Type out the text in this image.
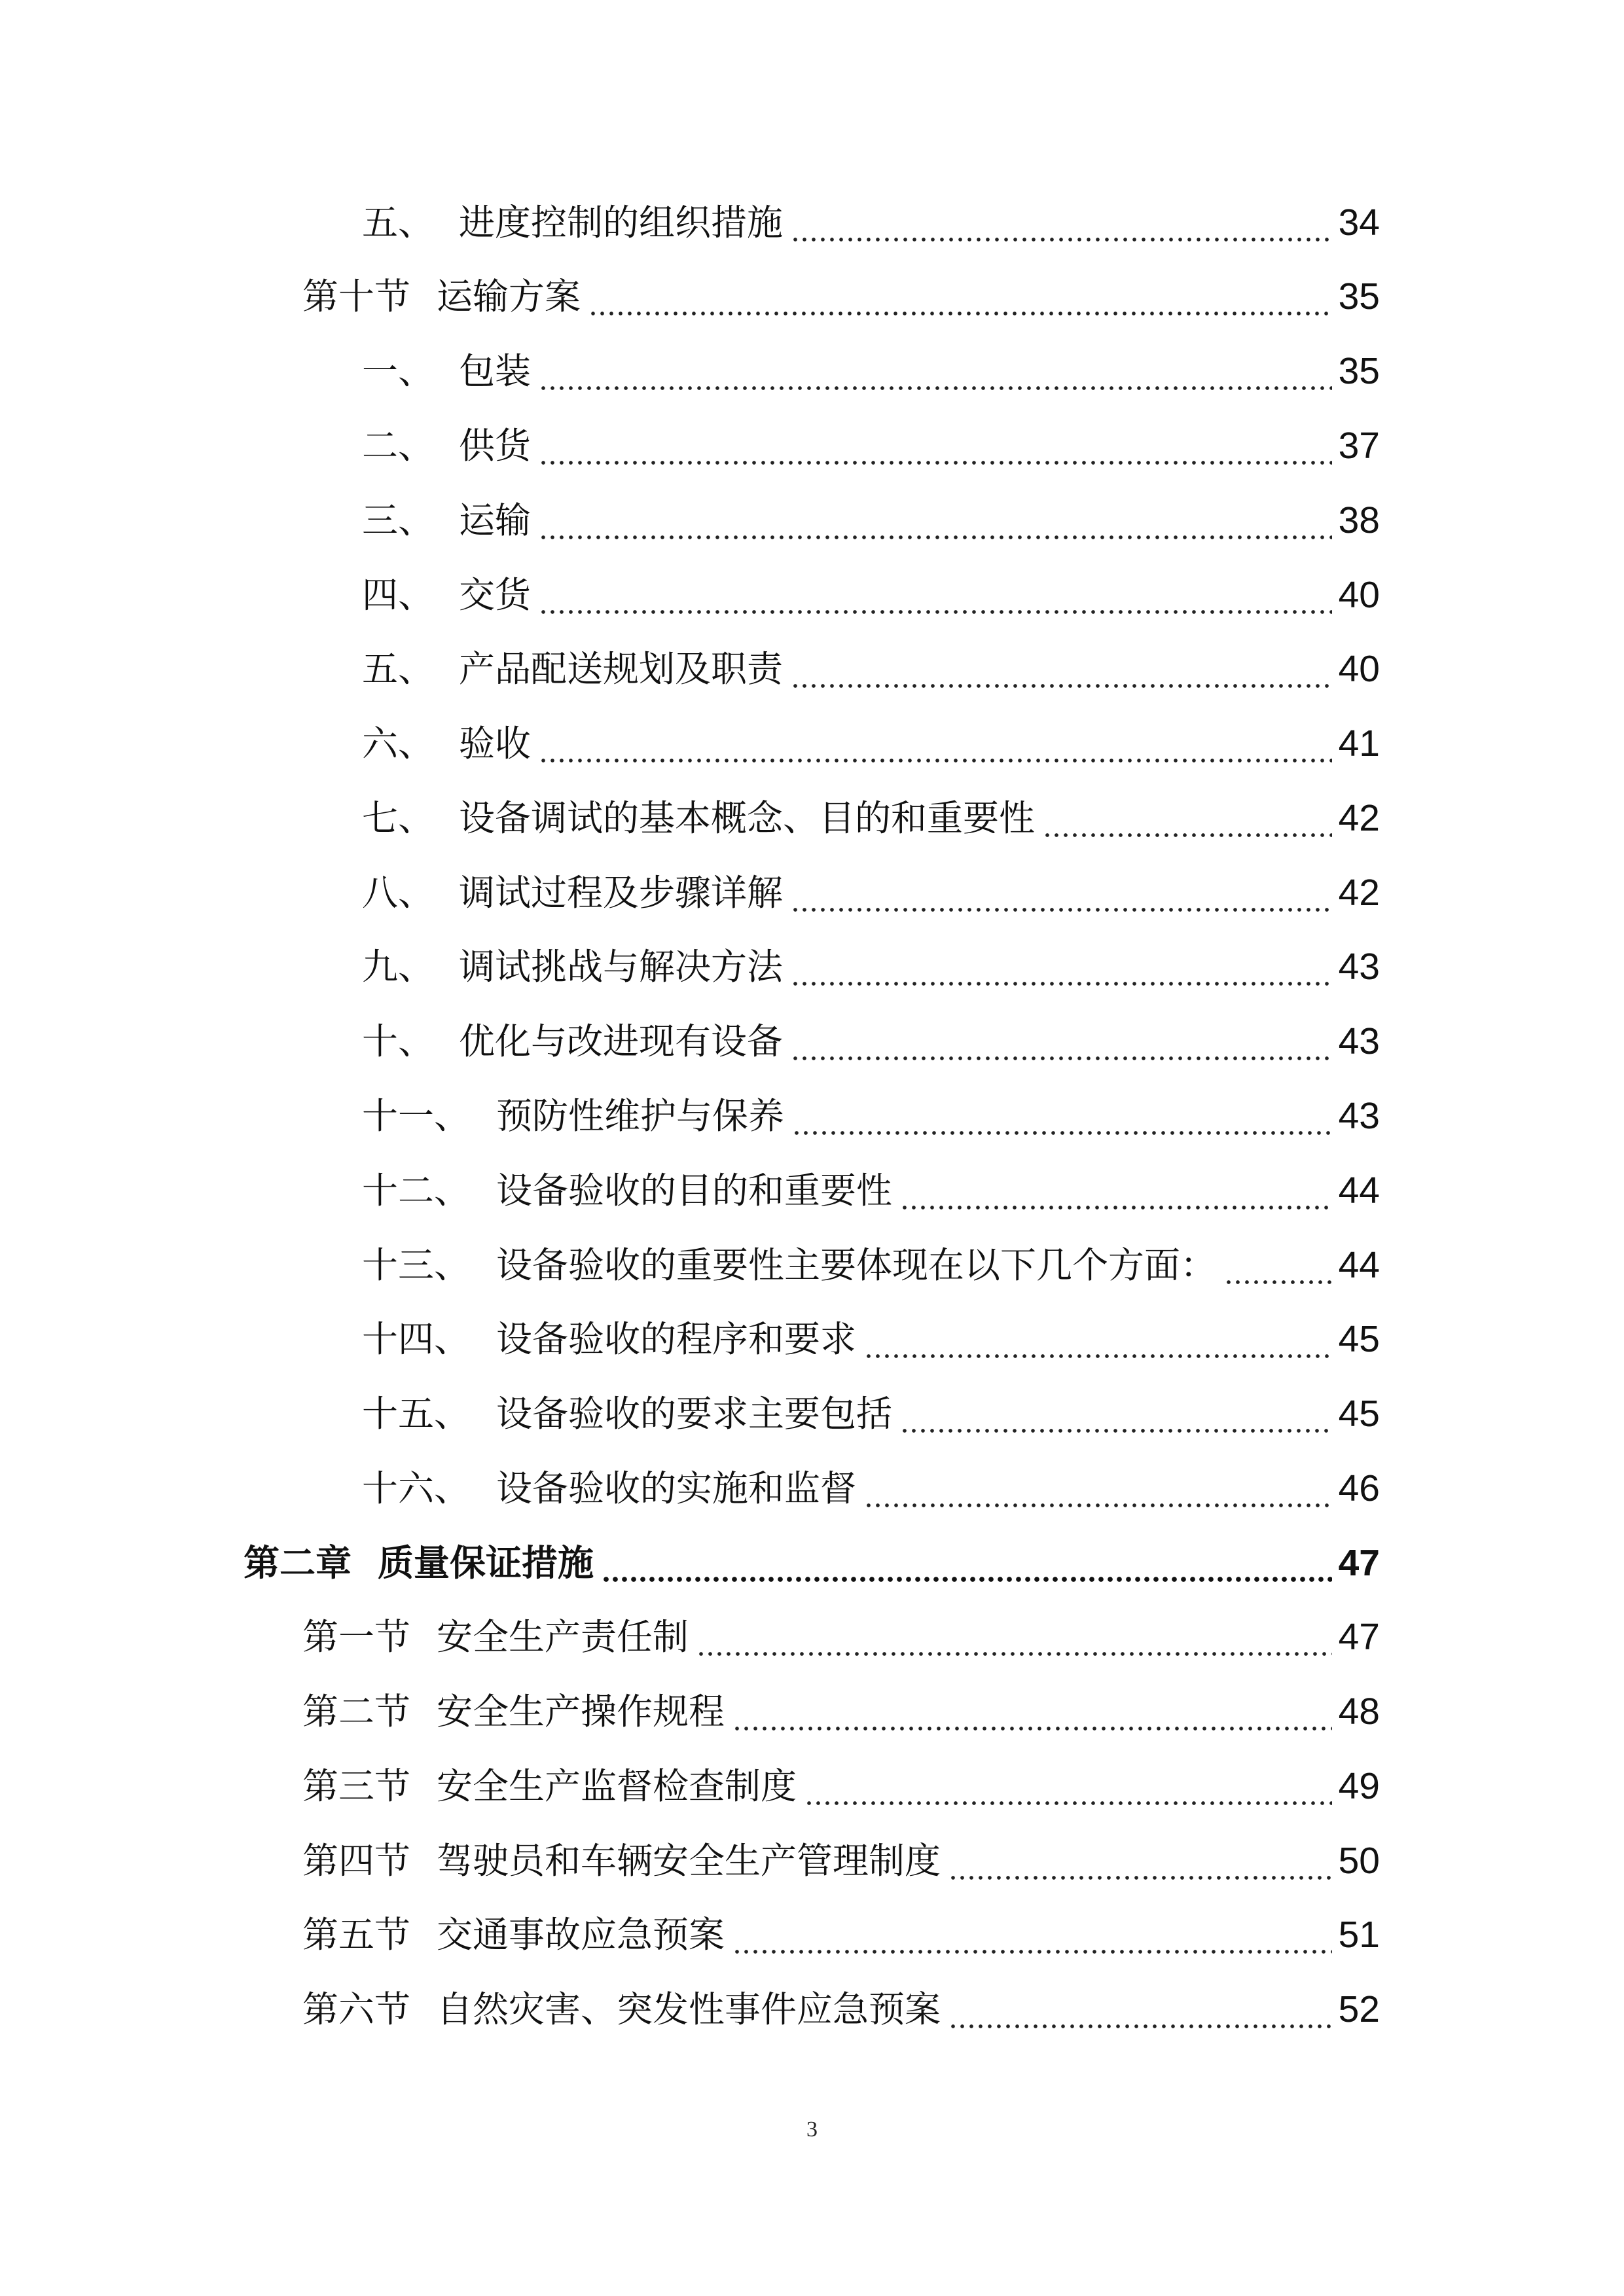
五、 进度控制的组织措施	34
第十节 运输方案	35
一、 包装	35
二、 供货	37
三、 运输	38
四、 交货	40
五、 产品配送规划及职责	40
六、 验收	41
七、 设备调试的基本概念、目的和重要性	42
八、 调试过程及步骤详解	42
九、 调试挑战与解决方法	43
十、 优化与改进现有设备	43
十一、 预防性维护与保养	43
十二、 设备验收的目的和重要性	44
十三、 设备验收的重要性主要体现在以下几个方面：	44
十四、 设备验收的程序和要求	45
十五、 设备验收的要求主要包括	45
十六、 设备验收的实施和监督	46
第二章 质量保证措施	47
第一节 安全生产责任制	47
第二节 安全生产操作规程	48
第三节 安全生产监督检查制度	49
第四节 驾驶员和车辆安全生产管理制度	50
第五节 交通事故应急预案	51
第六节 自然灾害、突发性事件应急预案	52
3
